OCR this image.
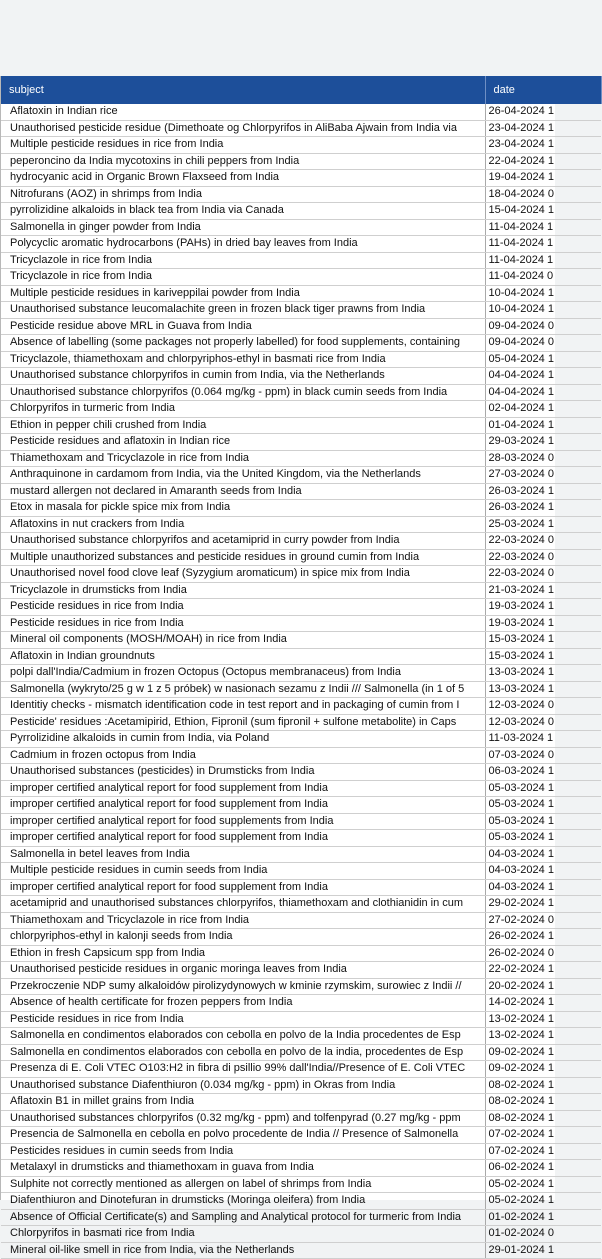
subject	date
Aflatoxin in Indian rice	26-04-2024 1
Unauthorised pesticide residue (Dimethoate og Chlorpyrifos in AliBaba Ajwain from India via	23-04-2024 1
Multiple pesticide residues in rice from India	23-04-2024 1
peperoncino da India mycotoxins in chili peppers from India	22-04-2024 1
hydrocyanic acid in Organic Brown Flaxseed from India	19-04-2024 1
Nitrofurans (AOZ) in shrimps from India	18-04-2024 0
pyrrolizidine alkaloids in black tea from India via Canada	15-04-2024 1
Salmonella in ginger powder from India	11-04-2024 1
Polycyclic aromatic hydrocarbons (PAHs) in dried bay leaves from India	11-04-2024 1
Tricyclazole in rice from India	11-04-2024 1
Tricyclazole in rice from India	11-04-2024 0
Multiple pesticide residues in kariveppilai powder from India	10-04-2024 1
Unauthorised substance leucomalachite green in frozen black tiger prawns from India	10-04-2024 1
Pesticide residue above MRL in Guava from India	09-04-2024 0
Absence of labelling (some packages not properly labelled) for food supplements, containing	09-04-2024 0
Tricyclazole, thiamethoxam and chlorpyriphos-ethyl in basmati rice from India	05-04-2024 1
Unauthorised substance chlorpyrifos in cumin from India, via the Netherlands	04-04-2024 1
Unauthorised substance chlorpyrifos (0.064 mg/kg - ppm) in black cumin seeds from India	04-04-2024 1
Chlorpyrifos in turmeric from India	02-04-2024 1
Ethion in pepper chili crushed from India	01-04-2024 1
Pesticide residues and aflatoxin in Indian rice	29-03-2024 1
Thiamethoxam and Tricyclazole in rice from India	28-03-2024 0
Anthraquinone in cardamom from India, via the United Kingdom, via the Netherlands	27-03-2024 0
mustard allergen not declared in Amaranth seeds from India	26-03-2024 1
Etox in masala for pickle spice mix from India	26-03-2024 1
Aflatoxins in nut crackers from India	25-03-2024 1
Unauthorised substance chlorpyrifos and acetamiprid in curry powder from India	22-03-2024 0
Multiple unauthorized substances and pesticide residues in ground cumin from India	22-03-2024 0
Unauthorised novel food clove leaf (Syzygium aromaticum) in spice mix from India	22-03-2024 0
Tricyclazole in drumsticks from India	21-03-2024 1
Pesticide residues in rice from India	19-03-2024 1
Pesticide residues in rice from India	19-03-2024 1
Mineral oil components (MOSH/MOAH) in rice from India	15-03-2024 1
Aflatoxin in Indian groundnuts	15-03-2024 1
polpi dall'India/Cadmium in frozen Octopus (Octopus membranaceus) from India	13-03-2024 1
Salmonella (wykryto/25 g w 1 z 5 próbek) w nasionach sezamu z Indii /// Salmonella (in 1 of 5	13-03-2024 1
Identitiy checks - mismatch identification code in test report and in packaging of cumin from I	12-03-2024 0
Pesticide' residues :Acetamipirid, Ethion, Fipronil (sum fipronil + sulfone metabolite) in Caps	12-03-2024 0
Pyrrolizidine alkaloids in cumin from India, via Poland	11-03-2024 1
Cadmium in frozen octopus from India	07-03-2024 0
Unauthorised substances (pesticides) in Drumsticks from India	06-03-2024 1
improper certified analytical report for food supplement from India	05-03-2024 1
improper certified analytical report for food supplement from India	05-03-2024 1
improper certified analytical report for food supplements from India	05-03-2024 1
improper certified analytical report for food supplement from India	05-03-2024 1
Salmonella in betel leaves from India	04-03-2024 1
Multiple pesticide residues in cumin seeds from India	04-03-2024 1
improper certified analytical report for food supplement from India	04-03-2024 1
acetamiprid and unauthorised substances chlorpyrifos, thiamethoxam and clothianidin in cum	29-02-2024 1
Thiamethoxam and Tricyclazole in rice from India	27-02-2024 0
chlorpyriphos-ethyl in kalonji seeds from India	26-02-2024 1
Ethion in fresh Capsicum spp from India	26-02-2024 0
Unauthorised pesticide residues in organic moringa leaves from India	22-02-2024 1
Przekroczenie NDP sumy alkaloidów pirolizydynowych w kminie rzymskim, surowiec z Indii //	20-02-2024 1
Absence of health certificate for frozen peppers from India	14-02-2024 1
Pesticide residues in rice from India	13-02-2024 1
Salmonella en condimentos elaborados con cebolla en polvo de la India procedentes de Esp	13-02-2024 1
Salmonella en condimentos elaborados con cebolla en polvo de la india, procedentes de Esp	09-02-2024 1
Presenza di E. Coli VTEC O103:H2 in fibra di psillio 99% dall'India//Presence of E. Coli VTEC	09-02-2024 1
Unauthorised substance Diafenthiuron (0.034 mg/kg - ppm) in Okras from India	08-02-2024 1
Aflatoxin B1 in millet grains from India	08-02-2024 1
Unauthorised substances chlorpyrifos (0.32 mg/kg - ppm) and tolfenpyrad (0.27 mg/kg - ppm	08-02-2024 1
Presencia de Salmonella en cebolla en polvo procedente de India // Presence of Salmonella	07-02-2024 1
Pesticides residues in cumin seeds from India	07-02-2024 1
Metalaxyl in drumsticks and thiamethoxam in guava from India	06-02-2024 1
Sulphite not correctly mentioned as allergen on label of shrimps from India	05-02-2024 1
Diafenthiuron and Dinotefuran in drumsticks (Moringa oleifera) from India	05-02-2024 1
Absence of Official Certificate(s) and Sampling and Analytical protocol for turmeric from India	01-02-2024 1
Chlorpyrifos in basmati rice from India	01-02-2024 0
Mineral oil-like smell in rice from India, via the Netherlands	29-01-2024 1
